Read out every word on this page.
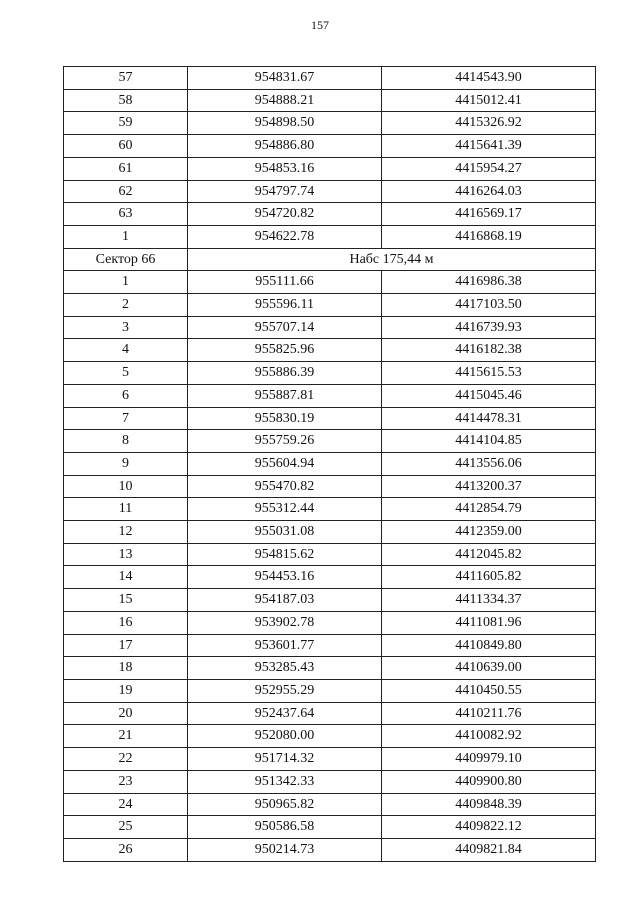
157
57	954831.67	4414543.90
58	954888.21	4415012.41
59	954898.50	4415326.92
60	954886.80	4415641.39
61	954853.16	4415954.27
62	954797.74	4416264.03
63	954720.82	4416569.17
1	954622.78	4416868.19
Сектор 66	Набс 175,44 м	
1	955111.66	4416986.38
2	955596.11	4417103.50
3	955707.14	4416739.93
4	955825.96	4416182.38
5	955886.39	4415615.53
6	955887.81	4415045.46
7	955830.19	4414478.31
8	955759.26	4414104.85
9	955604.94	4413556.06
10	955470.82	4413200.37
11	955312.44	4412854.79
12	955031.08	4412359.00
13	954815.62	4412045.82
14	954453.16	4411605.82
15	954187.03	4411334.37
16	953902.78	4411081.96
17	953601.77	4410849.80
18	953285.43	4410639.00
19	952955.29	4410450.55
20	952437.64	4410211.76
21	952080.00	4410082.92
22	951714.32	4409979.10
23	951342.33	4409900.80
24	950965.82	4409848.39
25	950586.58	4409822.12
26	950214.73	4409821.84
